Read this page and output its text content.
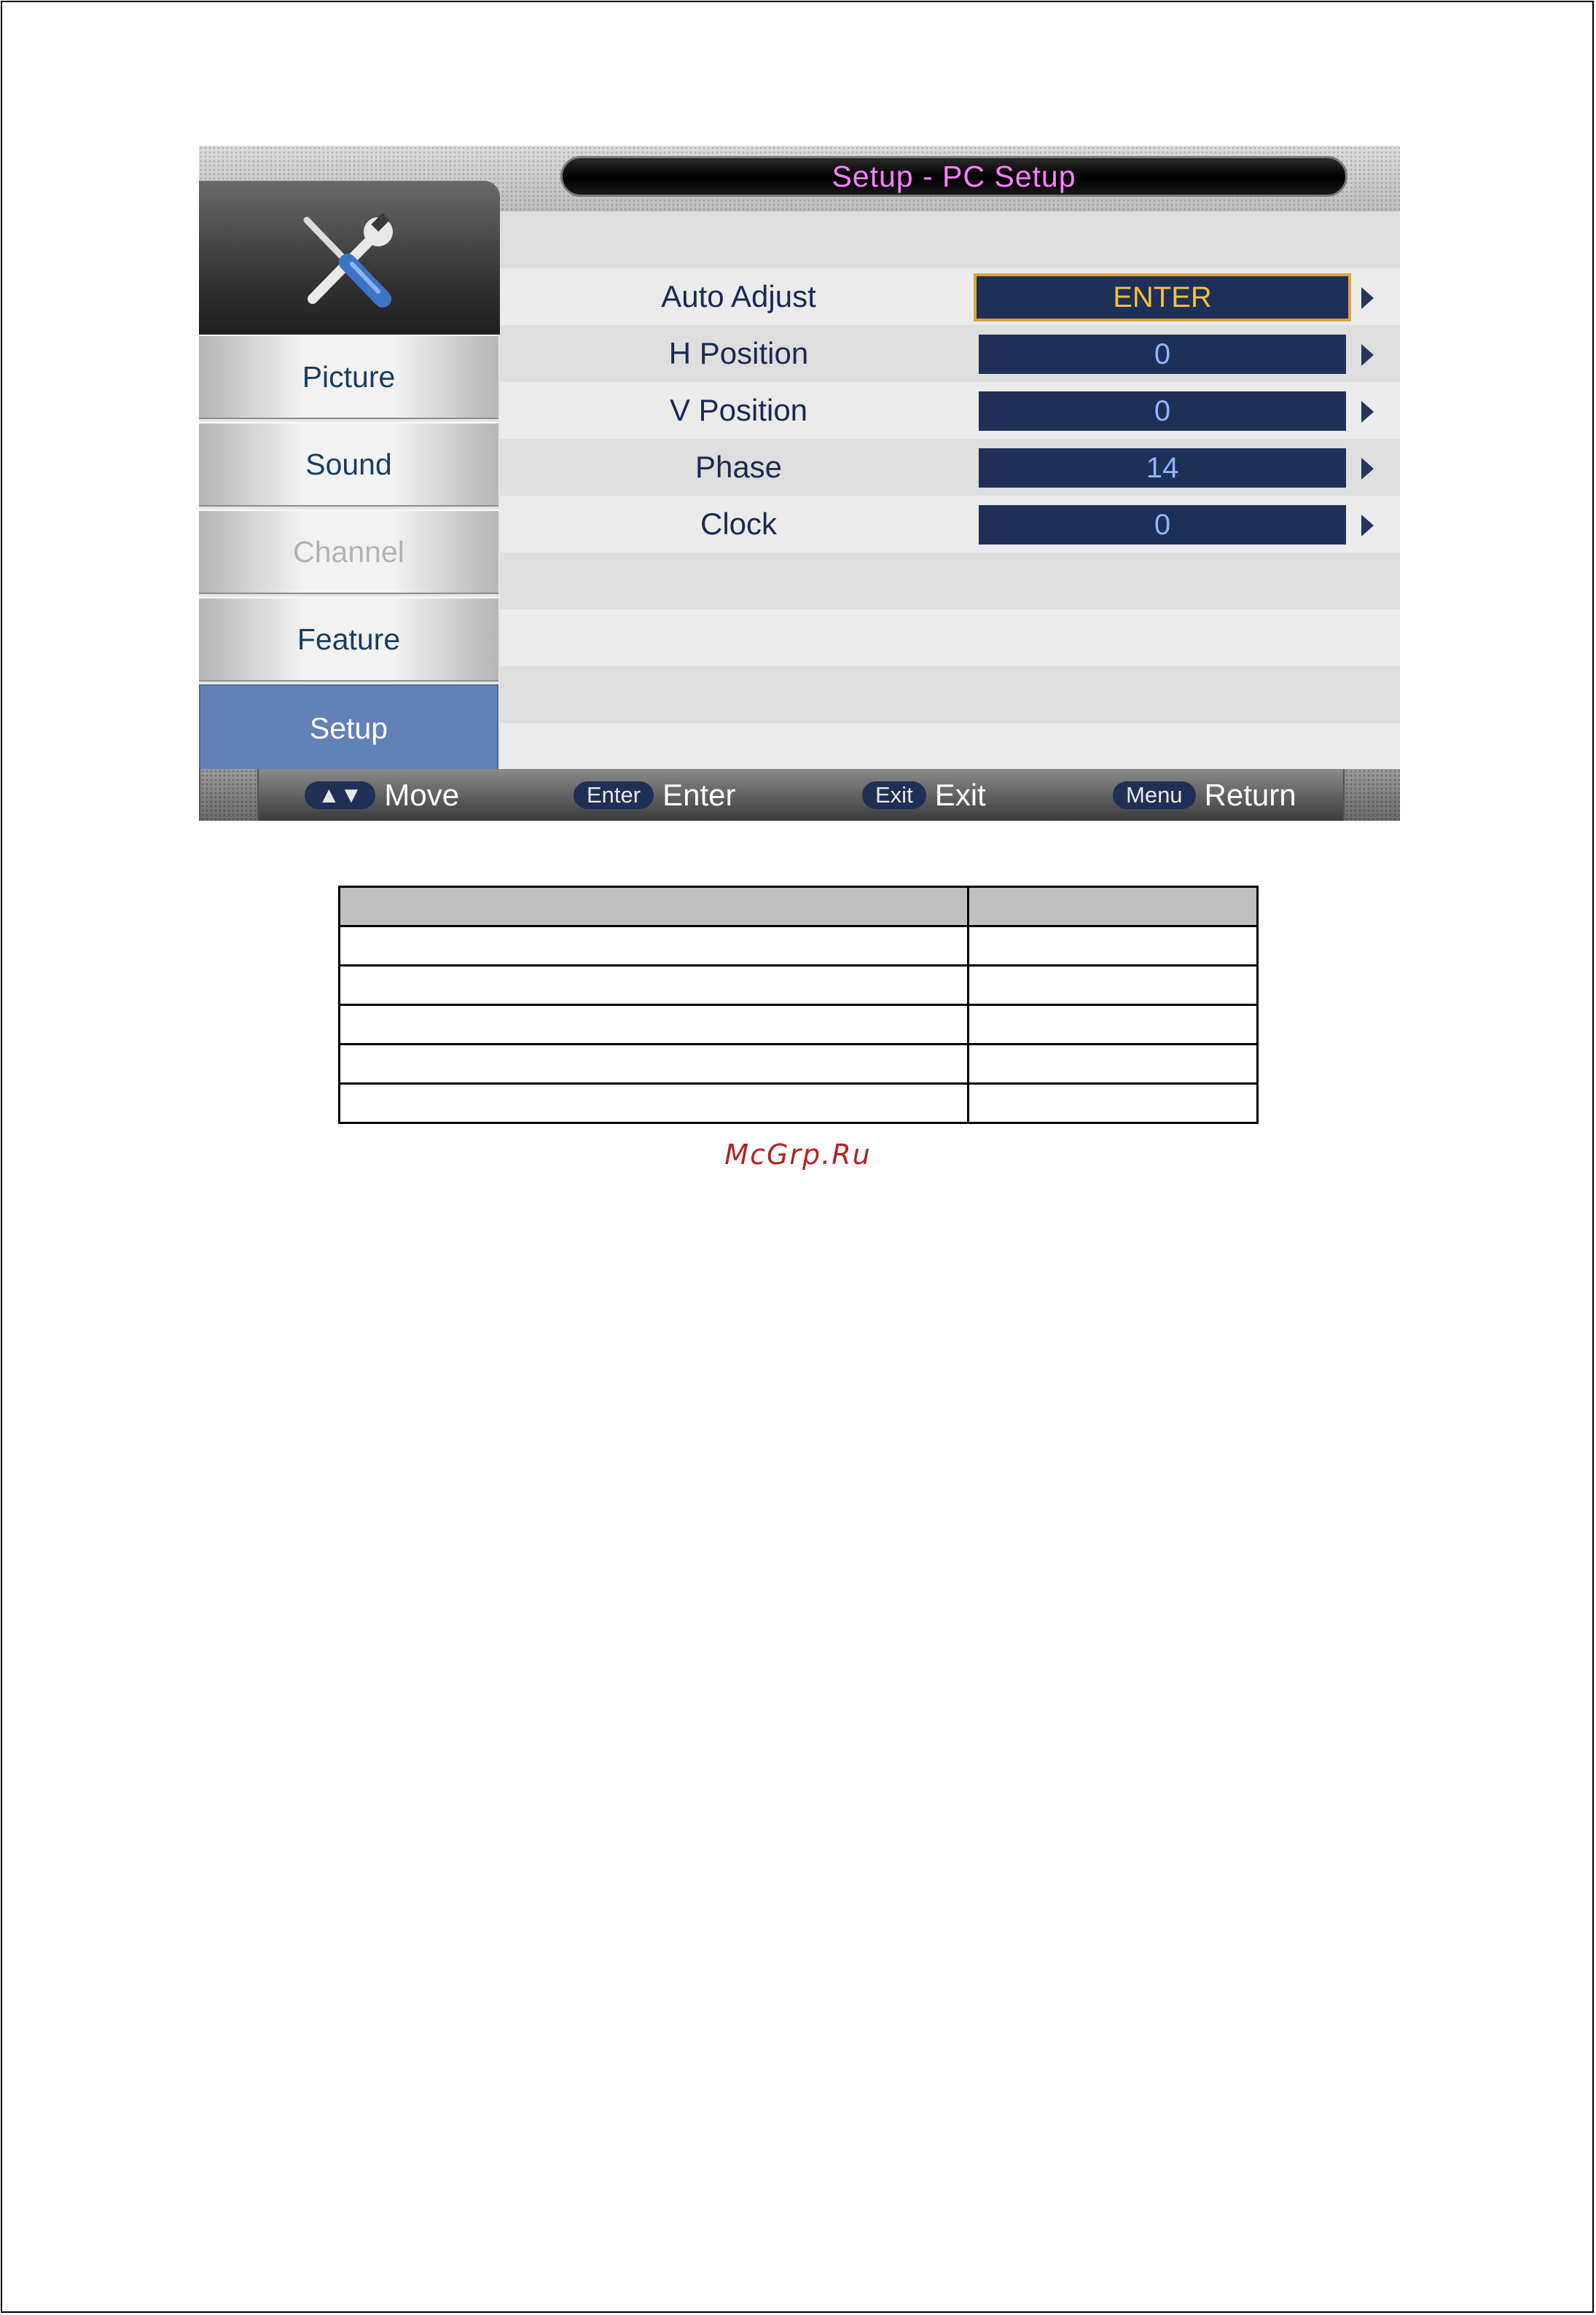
Setup - PC Setup
Picture
Sound
Channel
Feature
Setup
Auto Adjust	ENTER
H Position	0
V Position	0
Phase	14
Clock	0
▲▼ Move	Enter Enter	Exit Exit	Menu Return

McGrp.Ru
